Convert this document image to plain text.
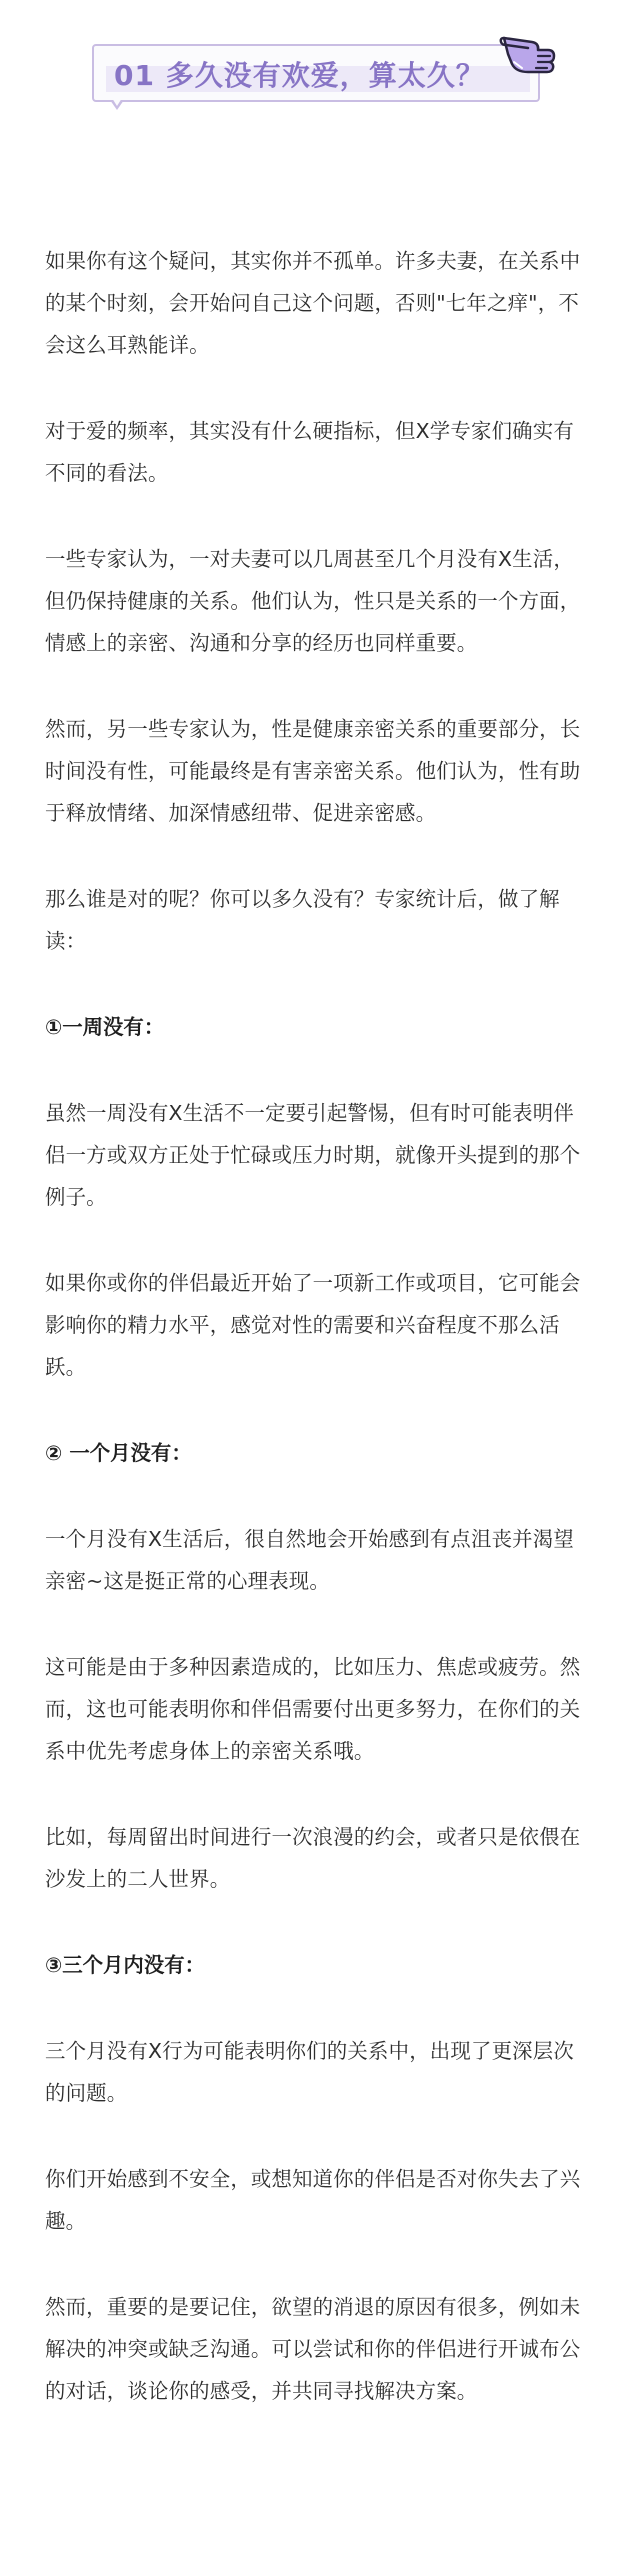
01 多久没有欢爱，算太久？

如果你有这个疑问，其实你并不孤单。许多夫妻，在关系中的某个时刻，会开始问自己这个问题，否则"七年之痒"，不会这么耳熟能详。

对于爱的频率，其实没有什么硬指标，但X学专家们确实有不同的看法。

一些专家认为，一对夫妻可以几周甚至几个月没有X生活，但仍保持健康的关系。他们认为，性只是关系的一个方面，情感上的亲密、沟通和分享的经历也同样重要。

然而，另一些专家认为，性是健康亲密关系的重要部分，长时间没有性，可能最终是有害亲密关系。他们认为，性有助于释放情绪、加深情感纽带、促进亲密感。

那么谁是对的呢？你可以多久没有？专家统计后，做了解读：

①一周没有：

虽然一周没有X生活不一定要引起警惕，但有时可能表明伴侣一方或双方正处于忙碌或压力时期，就像开头提到的那个例子。

如果你或你的伴侣最近开始了一项新工作或项目，它可能会影响你的精力水平，感觉对性的需要和兴奋程度不那么活跃。

② 一个月没有：

一个月没有X生活后，很自然地会开始感到有点沮丧并渴望亲密~这是挺正常的心理表现。

这可能是由于多种因素造成的，比如压力、焦虑或疲劳。然而，这也可能表明你和伴侣需要付出更多努力，在你们的关系中优先考虑身体上的亲密关系哦。

比如，每周留出时间进行一次浪漫的约会，或者只是依偎在沙发上的二人世界。

③三个月内没有：

三个月没有X行为可能表明你们的关系中，出现了更深层次的问题。

你们开始感到不安全，或想知道你的伴侣是否对你失去了兴趣。

然而，重要的是要记住，欲望的消退的原因有很多，例如未解决的冲突或缺乏沟通。可以尝试和你的伴侣进行开诚布公的对话，谈论你的感受，并共同寻找解决方案。
